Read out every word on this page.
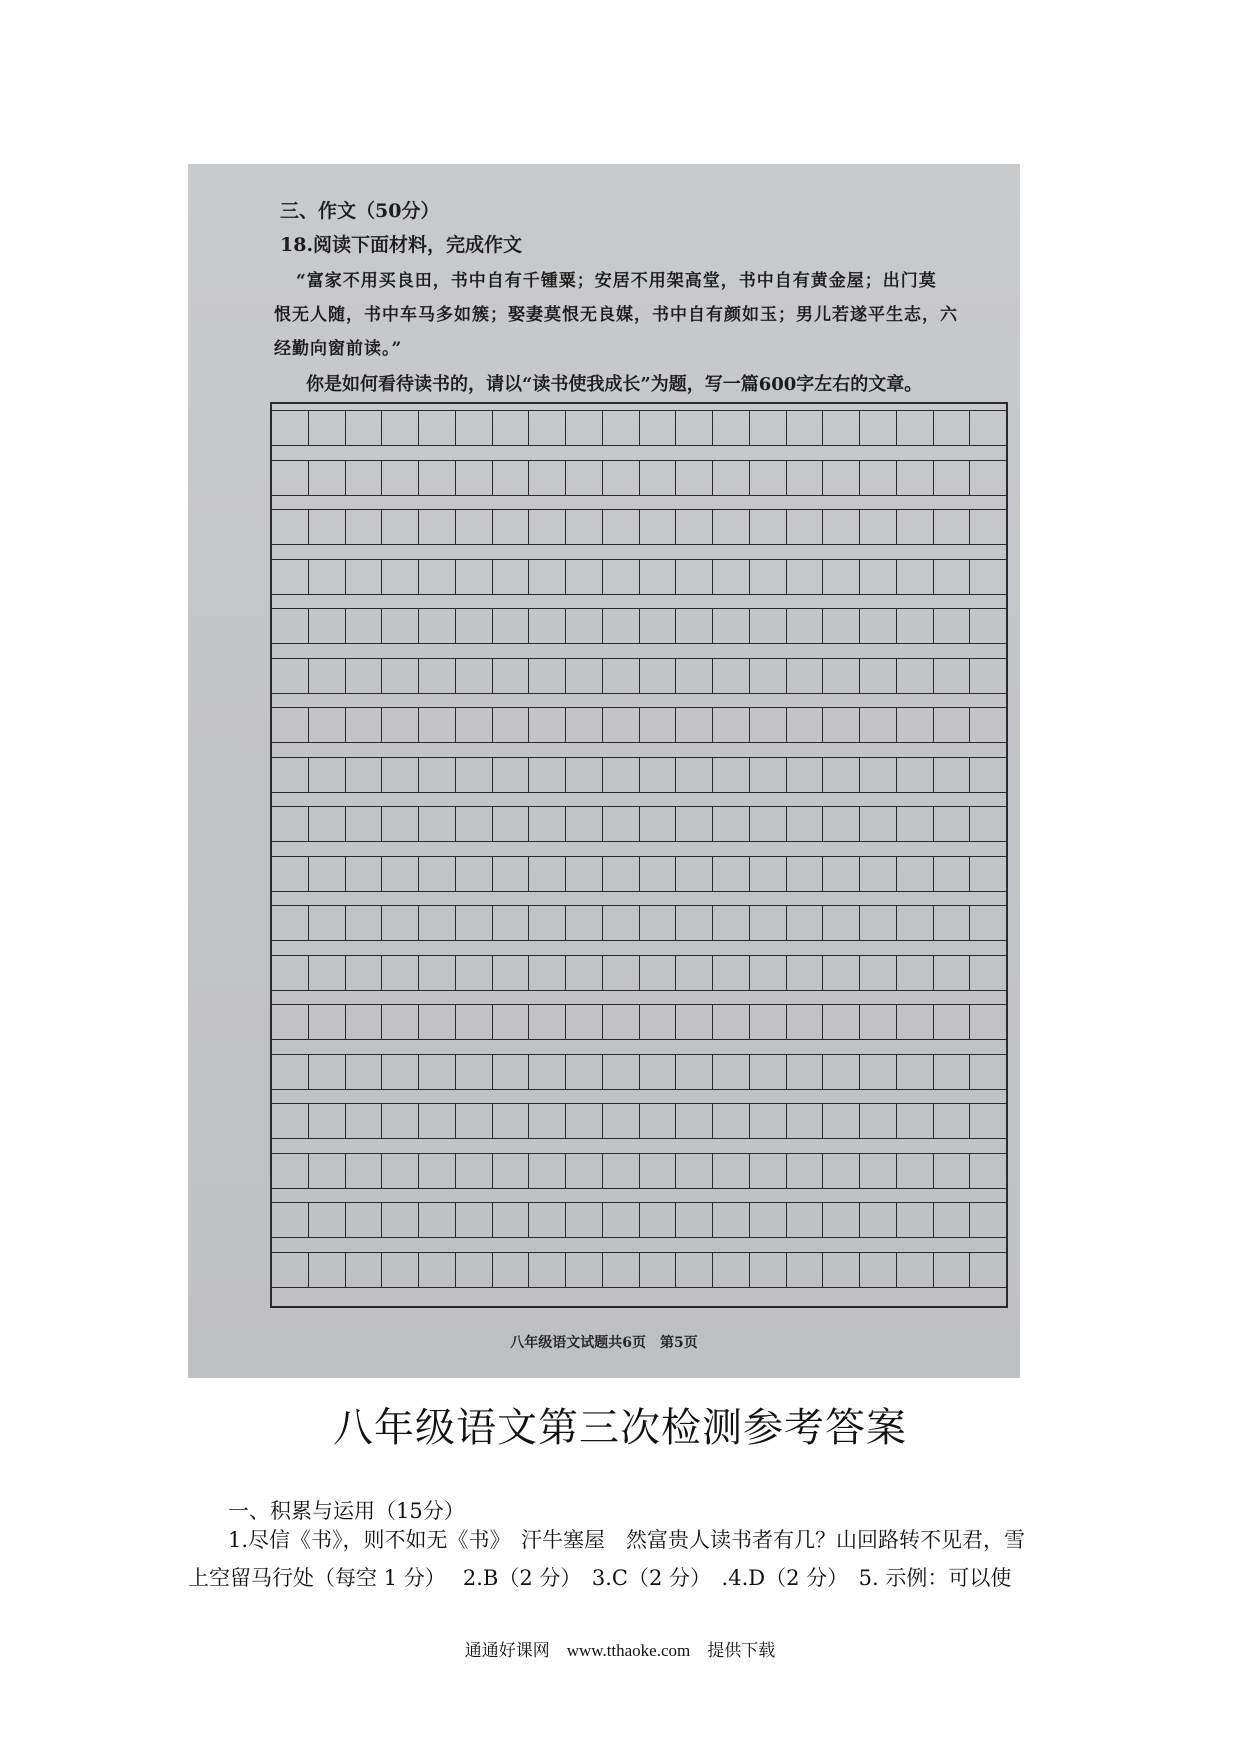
三、作文（50分）
18.阅读下面材料，完成作文
“富家不用买良田，书中自有千锺粟；安居不用架高堂，书中自有黄金屋；出门莫
恨无人随，书中车马多如簇；娶妻莫恨无良媒，书中自有颜如玉；男儿若遂平生志，六
经勤向窗前读。”
你是如何看待读书的，请以“读书使我成长”为题，写一篇600字左右的文章。
八年级语文试题共6页　第5页
八年级语文第三次检测参考答案
一、积累与运用（15分）
1.尽信《书》，则不如无《书》　汗牛塞屋　然富贵人读书者有几？山回路转不见君，雪
上空留马行处（每空 1 分）　 2.B（2 分）　3.C（2 分）　.4.D（2 分）　5. 示例：可以使
通通好课网　www.tthaoke.com　提供下载
